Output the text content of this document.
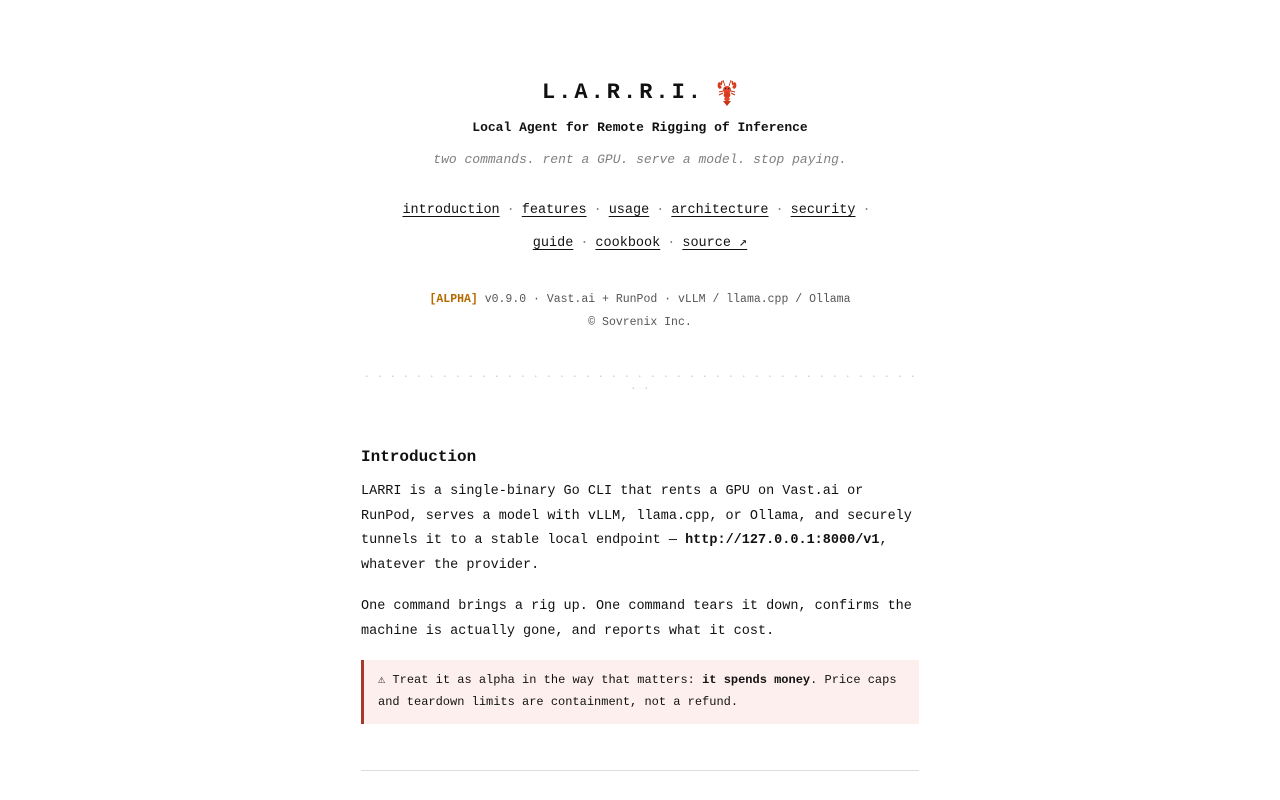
L.A.R.R.I.
Local Agent for Remote Rigging of Inference
two commands. rent a GPU. serve a model. stop paying.
introduction · features · usage · architecture · security ·
guide · cookbook · source ↗
[ALPHA] v0.9.0 · Vast.ai + RunPod · vLLM / llama.cpp / Ollama
© Sovrenix Inc.
· · · · · · · · · · · · · · · · · · · · · · · · · · · · · · · · · · · · · · · · · · · · ·
Introduction

LARRI is a single-binary Go CLI that rents a GPU on Vast.ai or RunPod, serves a model with vLLM, llama.cpp, or Ollama, and securely tunnels it to a stable local endpoint — http://127.0.0.1:8000/v1, whatever the provider.

One command brings a rig up. One command tears it down, confirms the machine is actually gone, and reports what it cost.

⚠ Treat it as alpha in the way that matters: it spends money. Price caps and teardown limits are containment, not a refund.
